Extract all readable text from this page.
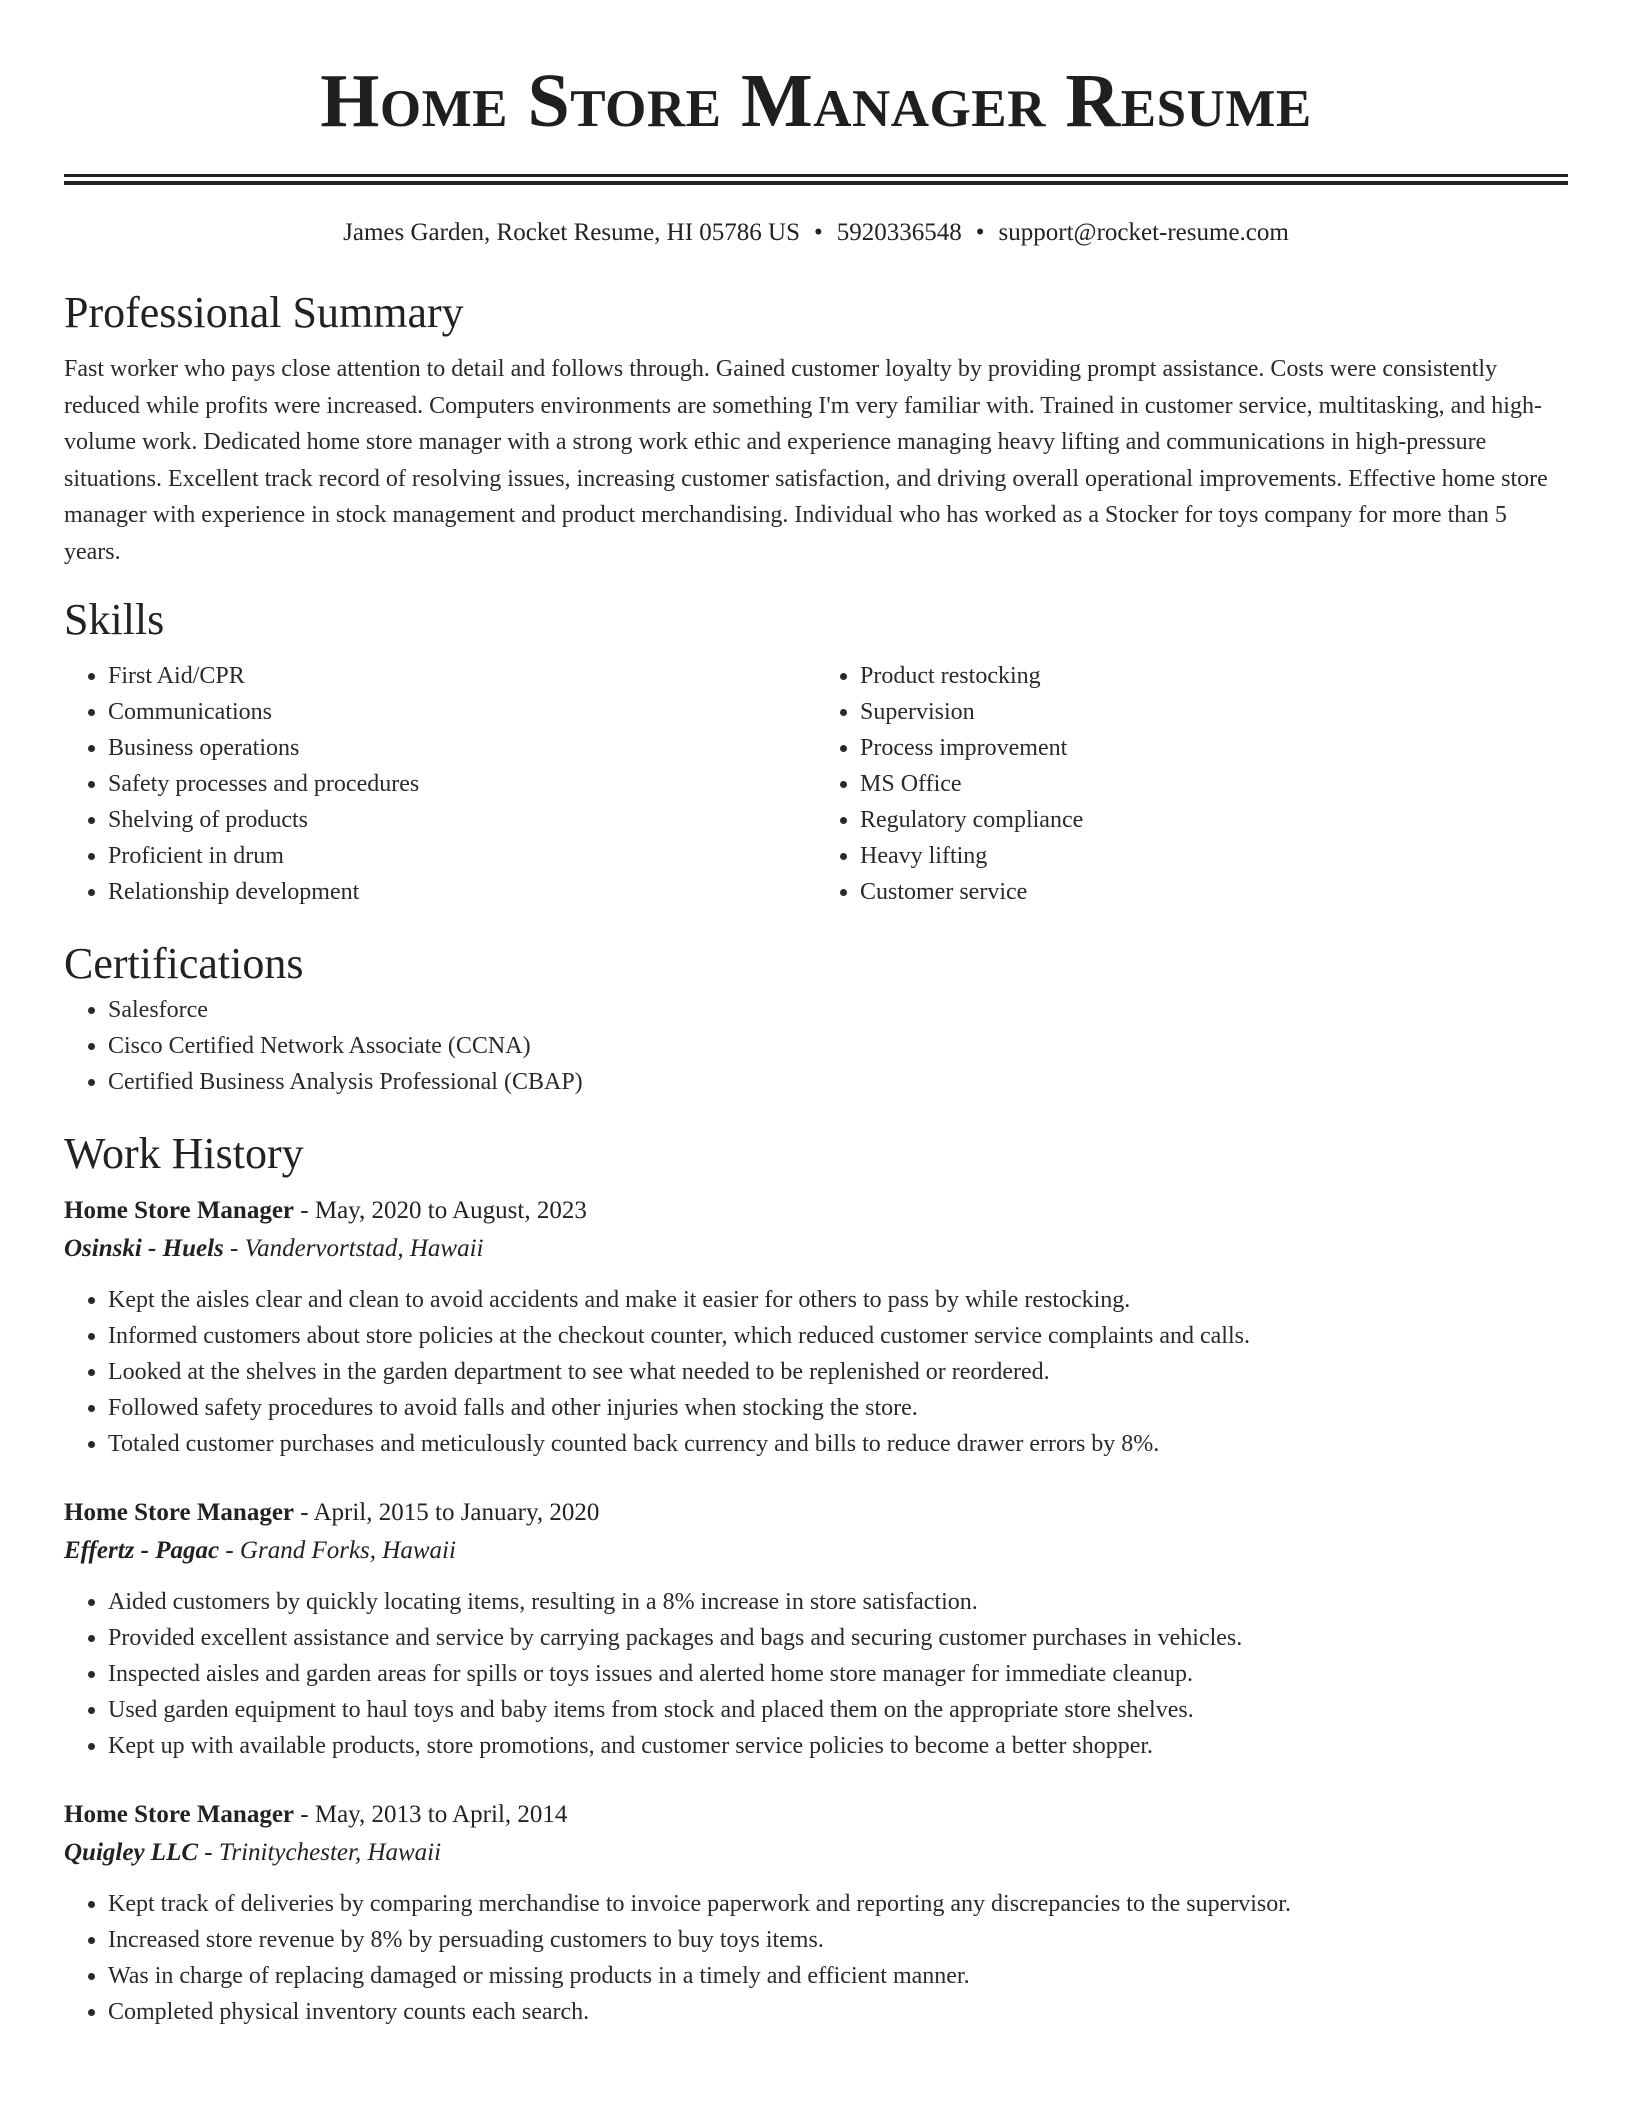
Home Store Manager Resume
James Garden, Rocket Resume, HI 05786 US • 5920336548 • support@rocket-resume.com
Professional Summary

Fast worker who pays close attention to detail and follows through. Gained customer loyalty by providing prompt assistance. Costs were consistently reduced while profits were increased. Computers environments are something I'm very familiar with. Trained in customer service, multitasking, and high-volume work. Dedicated home store manager with a strong work ethic and experience managing heavy lifting and communications in high-pressure situations. Excellent track record of resolving issues, increasing customer satisfaction, and driving overall operational improvements. Effective home store manager with experience in stock management and product merchandising. Individual who has worked as a Stocker for toys company for more than 5 years.

Skills
• First Aid/CPR
• Communications
• Business operations
• Safety processes and procedures
• Shelving of products
• Proficient in drum
• Relationship development
• Product restocking
• Supervision
• Process improvement
• MS Office
• Regulatory compliance
• Heavy lifting
• Customer service
Certifications
• Salesforce
• Cisco Certified Network Associate (CCNA)
• Certified Business Analysis Professional (CBAP)
Work History
Home Store Manager - May, 2020 to August, 2023
Osinski - Huels - Vandervortstad, Hawaii
• Kept the aisles clear and clean to avoid accidents and make it easier for others to pass by while restocking.
• Informed customers about store policies at the checkout counter, which reduced customer service complaints and calls.
• Looked at the shelves in the garden department to see what needed to be replenished or reordered.
• Followed safety procedures to avoid falls and other injuries when stocking the store.
• Totaled customer purchases and meticulously counted back currency and bills to reduce drawer errors by 8%.
Home Store Manager - April, 2015 to January, 2020
Effertz - Pagac - Grand Forks, Hawaii
• Aided customers by quickly locating items, resulting in a 8% increase in store satisfaction.
• Provided excellent assistance and service by carrying packages and bags and securing customer purchases in vehicles.
• Inspected aisles and garden areas for spills or toys issues and alerted home store manager for immediate cleanup.
• Used garden equipment to haul toys and baby items from stock and placed them on the appropriate store shelves.
• Kept up with available products, store promotions, and customer service policies to become a better shopper.
Home Store Manager - May, 2013 to April, 2014
Quigley LLC - Trinitychester, Hawaii
• Kept track of deliveries by comparing merchandise to invoice paperwork and reporting any discrepancies to the supervisor.
• Increased store revenue by 8% by persuading customers to buy toys items.
• Was in charge of replacing damaged or missing products in a timely and efficient manner.
• Completed physical inventory counts each search.
